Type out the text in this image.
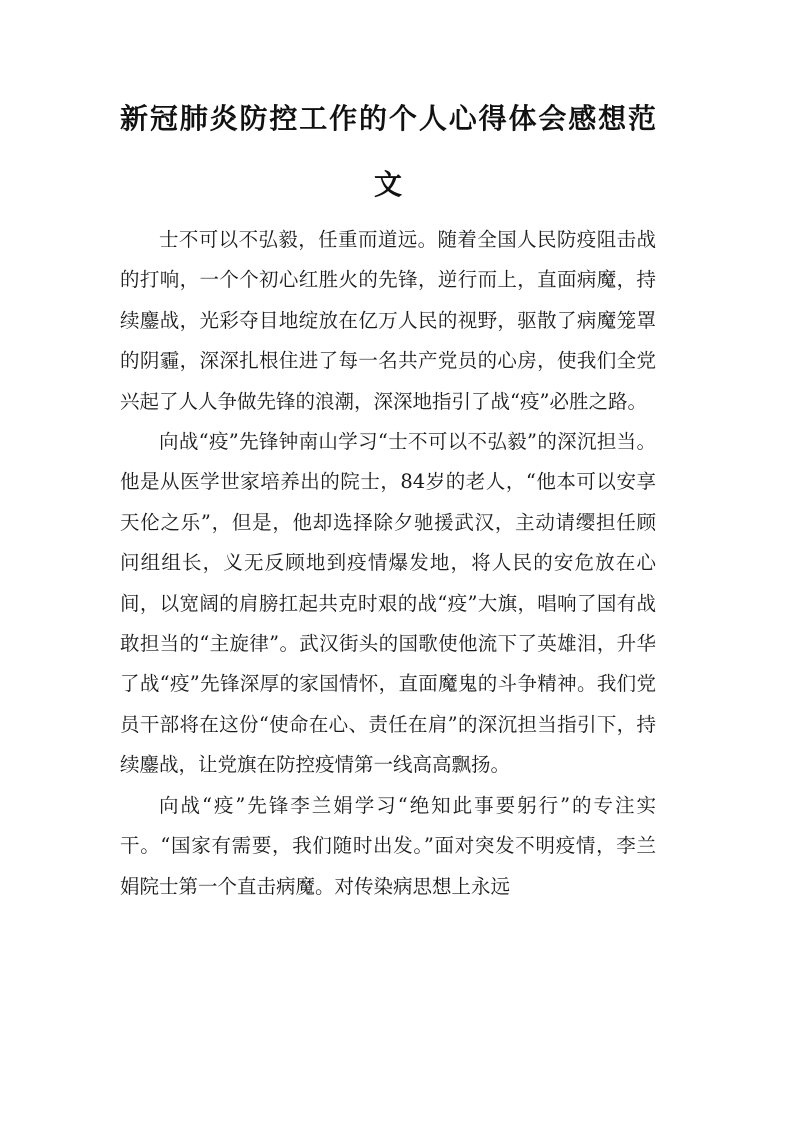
新冠肺炎防控工作的个人心得体会感想范
文

士不可以不弘毅，任重而道远。随着全国人民防疫阻击战的打响，一个个初心红胜火的先锋，逆行而上，直面病魔，持续鏖战，光彩夺目地绽放在亿万人民的视野，驱散了病魔笼罩的阴霾，深深扎根住进了每一名共产党员的心房，使我们全党兴起了人人争做先锋的浪潮，深深地指引了战“疫”必胜之路。

向战“疫”先锋钟南山学习“士不可以不弘毅”的深沉担当。他是从医学世家培养出的院士，84岁的老人，“他本可以安享天伦之乐”，但是，他却选择除夕驰援武汉，主动请缨担任顾问组组长，义无反顾地到疫情爆发地，将人民的安危放在心间，以宽阔的肩膀扛起共克时艰的战“疫”大旗，唱响了国有战敢担当的“主旋律”。武汉街头的国歌使他流下了英雄泪，升华了战“疫”先锋深厚的家国情怀，直面魔鬼的斗争精神。我们党员干部将在这份“使命在心、责任在肩”的深沉担当指引下，持续鏖战，让党旗在防控疫情第一线高高飘扬。

向战“疫”先锋李兰娟学习“绝知此事要躬行”的专注实干。“国家有需要，我们随时出发。”面对突发不明疫情，李兰娟院士第一个直击病魔。对传染病思想上永远
